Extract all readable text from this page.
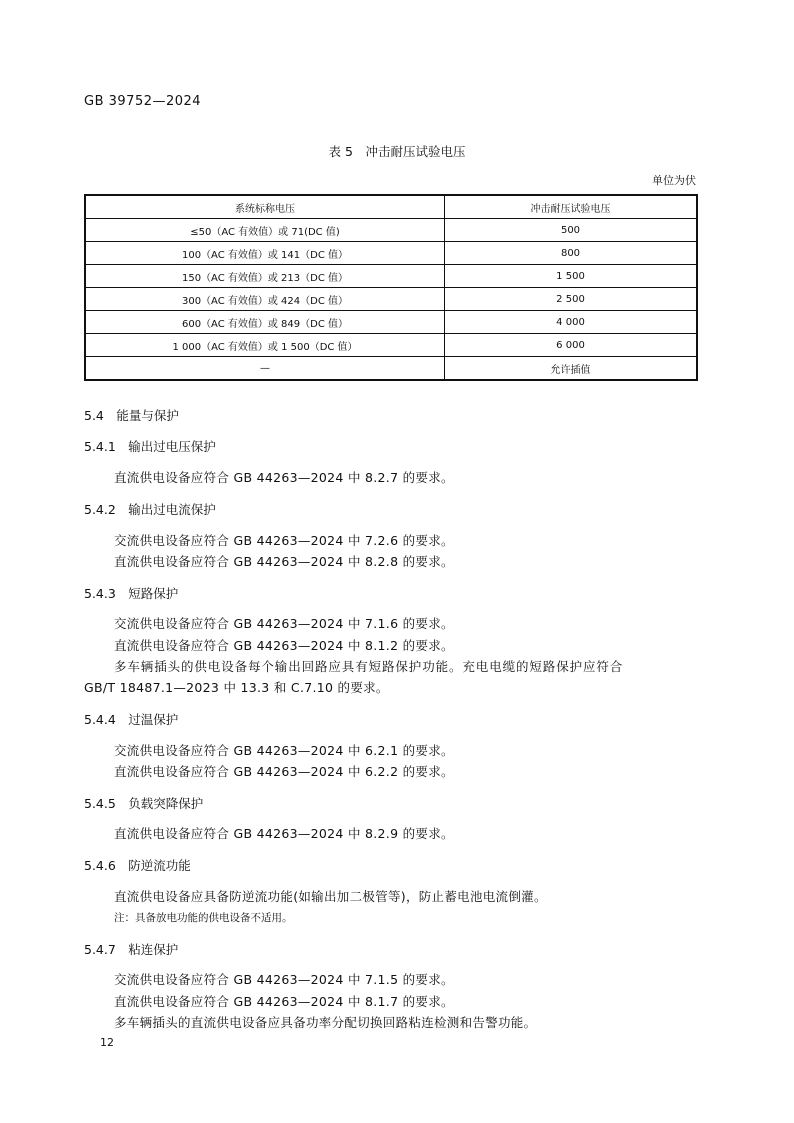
GB 39752—2024
表 5　冲击耐压试验电压
单位为伏
系统标称电压	冲击耐压试验电压
≤50（AC 有效值）或 71(DC 值)	500
100（AC 有效值）或 141（DC 值）	800
150（AC 有效值）或 213（DC 值）	1 500
300（AC 有效值）或 424（DC 值）	2 500
600（AC 有效值）或 849（DC 值）	4 000
1 000（AC 有效值）或 1 500（DC 值）	6 000
—	允许插值
5.4　能量与保护
5.4.1　输出过电压保护
直流供电设备应符合 GB 44263—2024 中 8.2.7 的要求。
5.4.2　输出过电流保护
交流供电设备应符合 GB 44263—2024 中 7.2.6 的要求。
直流供电设备应符合 GB 44263—2024 中 8.2.8 的要求。
5.4.3　短路保护
交流供电设备应符合 GB 44263—2024 中 7.1.6 的要求。
直流供电设备应符合 GB 44263—2024 中 8.1.2 的要求。
多车辆插头的供电设备每个输出回路应具有短路保护功能。充电电缆的短路保护应符合
GB/T 18487.1—2023 中 13.3 和 C.7.10 的要求。
5.4.4　过温保护
交流供电设备应符合 GB 44263—2024 中 6.2.1 的要求。
直流供电设备应符合 GB 44263—2024 中 6.2.2 的要求。
5.4.5　负载突降保护
直流供电设备应符合 GB 44263—2024 中 8.2.9 的要求。
5.4.6　防逆流功能
直流供电设备应具备防逆流功能(如输出加二极管等)，防止蓄电池电流倒灌。
注：具备放电功能的供电设备不适用。
5.4.7　粘连保护
交流供电设备应符合 GB 44263—2024 中 7.1.5 的要求。
直流供电设备应符合 GB 44263—2024 中 8.1.7 的要求。
多车辆插头的直流供电设备应具备功率分配切换回路粘连检测和告警功能。
12
